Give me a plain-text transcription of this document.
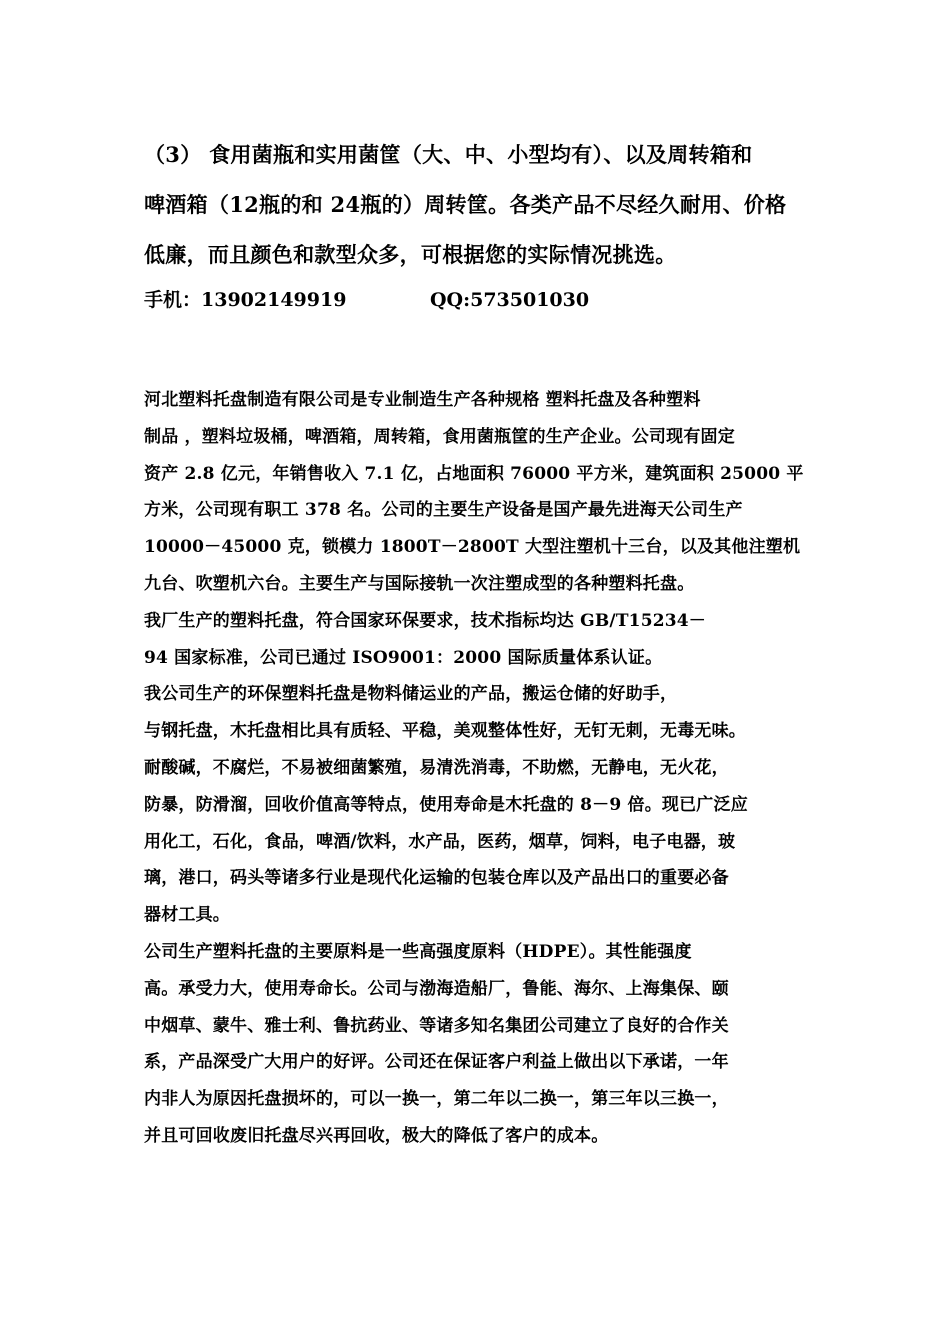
（3） 食用菌瓶和实用菌筐（大、中、小型均有）、以及周转箱和
啤酒箱（12瓶的和 24瓶的）周转筐。各类产品不尽经久耐用、价格
低廉，而且颜色和款型众多，可根据您的实际情况挑选。
手机：13902149919	QQ:573501030
河北塑料托盘制造有限公司是专业制造生产各种规格 塑料托盘及各种塑料
制品 ，塑料垃圾桶，啤酒箱，周转箱，食用菌瓶筐的生产企业。公司现有固定
资产 2.8 亿元，年销售收入 7.1 亿，占地面积 76000 平方米，建筑面积 25000 平
方米，公司现有职工 378 名。公司的主要生产设备是国产最先进海天公司生产
10000－45000 克，锁模力 1800T－2800T 大型注塑机十三台，以及其他注塑机
九台、吹塑机六台。主要生产与国际接轨一次注塑成型的各种塑料托盘。
我厂生产的塑料托盘，符合国家环保要求，技术指标均达 GB/T15234－
94 国家标准，公司已通过 ISO9001：2000 国际质量体系认证。
我公司生产的环保塑料托盘是物料储运业的产品，搬运仓储的好助手，
与钢托盘，木托盘相比具有质轻、平稳，美观整体性好，无钉无刺，无毒无味。
耐酸碱，不腐烂，不易被细菌繁殖，易清洗消毒，不助燃，无静电，无火花，
防暴，防滑溜，回收价值高等特点，使用寿命是木托盘的 8－9 倍。现已广泛应
用化工，石化，食品，啤酒/饮料，水产品，医药，烟草，饲料，电子电器，玻
璃，港口，码头等诸多行业是现代化运输的包装仓库以及产品出口的重要必备
器材工具。
公司生产塑料托盘的主要原料是一些高强度原料（HDPE）。其性能强度
高。承受力大，使用寿命长。公司与渤海造船厂，鲁能、海尔、上海集保、颐
中烟草、蒙牛、雅士利、鲁抗药业、等诸多知名集团公司建立了良好的合作关
系，产品深受广大用户的好评。公司还在保证客户利益上做出以下承诺，一年
内非人为原因托盘损坏的，可以一换一，第二年以二换一，第三年以三换一，
并且可回收废旧托盘尽兴再回收，极大的降低了客户的成本。
